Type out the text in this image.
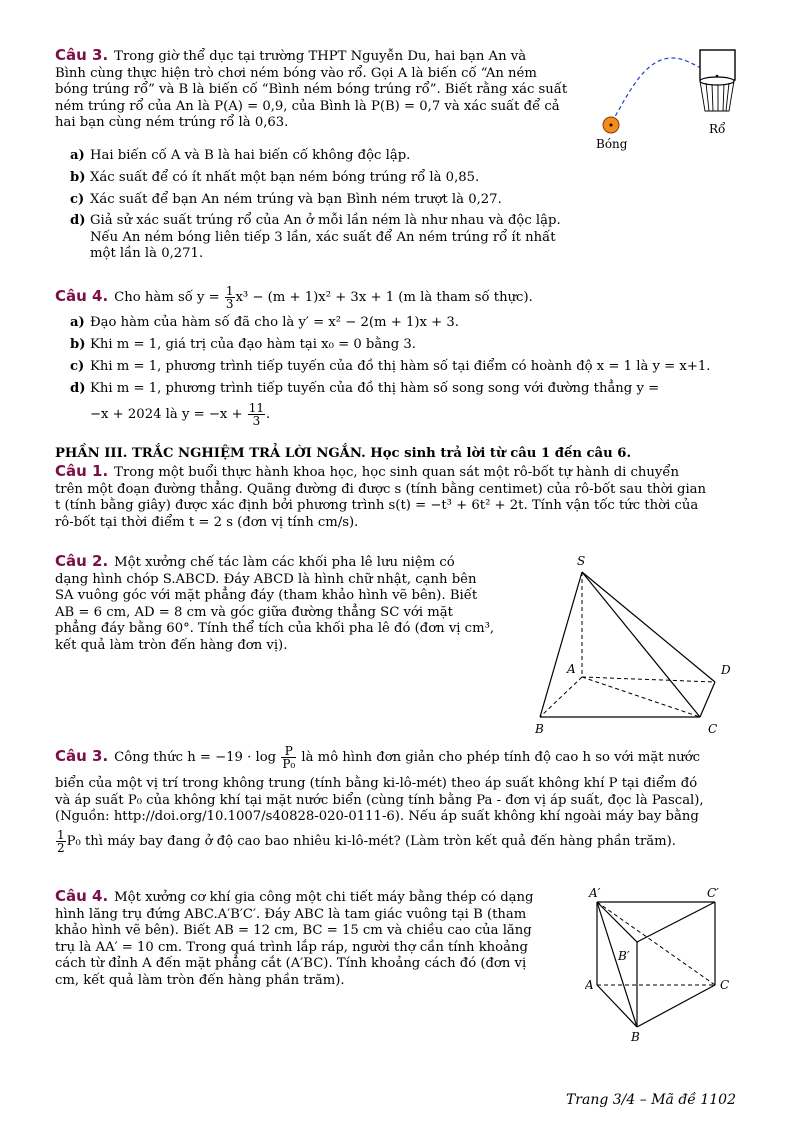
Câu 3. Trong giờ thể dục tại trường THPT Nguyễn Du, hai bạn An và
Bình cùng thực hiện trò chơi ném bóng vào rổ. Gọi A là biến cố “An ném
bóng trúng rổ” và B là biến cố “Bình ném bóng trúng rổ”. Biết rằng xác suất
ném trúng rổ của An là P(A) = 0,9, của Bình là P(B) = 0,7 và xác suất để cả
hai bạn cùng ném trúng rổ là 0,63.
a) Hai biến cố A và B là hai biến cố không độc lập.
b) Xác suất để có ít nhất một bạn ném bóng trúng rổ là 0,85.
c) Xác suất để bạn An ném trúng và bạn Bình ném trượt là 0,27.
d) Giả sử xác suất trúng rổ của An ở mỗi lần ném là như nhau và độc lập.
Nếu An ném bóng liên tiếp 3 lần, xác suất để An ném trúng rổ ít nhất
một lần là 0,271.
Bóng
Rổ
Câu 4. Cho hàm số $y = \frac{1}{3} x^3 - (m + 1)x^2 + 3x + 1$ (m là tham số thực).
a) Đạo hàm của hàm số đã cho là y′ = x² − 2(m + 1)x + 3.
b) Khi m = 1, giá trị của đạo hàm tại x₀ = 0 bằng 3.
c) Khi m = 1, phương trình tiếp tuyến của đồ thị hàm số tại điểm có hoành độ x = 1 là y = x+1.
d) Khi m = 1, phương trình tiếp tuyến của đồ thị hàm số song song với đường thẳng y =
−x + 2024 là $y = -x + \frac{11}{3}$ .
PHẦN III. TRẮC NGHIỆM TRẢ LỜI NGẮN. Học sinh trả lời từ câu 1 đến câu 6.
Câu 1. Trong một buổi thực hành khoa học, học sinh quan sát một rô-bốt tự hành di chuyển
trên một đoạn đường thẳng. Quãng đường đi được s (tính bằng centimet) của rô-bốt sau thời gian
t (tính bằng giây) được xác định bởi phương trình s(t) = −t³ + 6t² + 2t. Tính vận tốc tức thời của
rô-bốt tại thời điểm t = 2 s (đơn vị tính cm/s).
Câu 2. Một xưởng chế tác làm các khối pha lê lưu niệm có
dạng hình chóp S.ABCD. Đáy ABCD là hình chữ nhật, cạnh bên
SA vuông góc với mặt phẳng đáy (tham khảo hình vẽ bên). Biết
AB = 6 cm, AD = 8 cm và góc giữa đường thẳng SC với mặt
phẳng đáy bằng 60°. Tính thể tích của khối pha lê đó (đơn vị cm³,
kết quả làm tròn đến hàng đơn vị).
S
A
B	C
D
Câu 3. Công thức $h = -19 \cdot \log \frac{P}{\text{P₀}}$ là mô hình đơn giản cho phép tính độ cao h so với mặt nước
biển của một vị trí trong không trung (tính bằng ki-lô-mét) theo áp suất không khí P tại điểm đó
và áp suất P₀ của không khí tại mặt nước biển (cùng tính bằng Pa - đơn vị áp suất, đọc là Pascal),
(Nguồn: http://doi.org/10.1007/s40828-020-0111-6). Nếu áp suất không khí ngoài máy bay bằng
$\frac{1}{2} P_0$ thì máy bay đang ở độ cao bao nhiêu ki-lô-mét? (Làm tròn kết quả đến hàng phần trăm).
Câu 4. Một xưởng cơ khí gia công một chi tiết máy bằng thép có dạng
hình lăng trụ đứng ABC.A′B′C′. Đáy ABC là tam giác vuông tại B (tham
khảo hình vẽ bên). Biết AB = 12 cm, BC = 15 cm và chiều cao của lăng
trụ là AA′ = 10 cm. Trong quá trình lắp ráp, người thợ cần tính khoảng
cách từ đỉnh A đến mặt phẳng cắt (A′BC). Tính khoảng cách đó (đơn vị
cm, kết quả làm tròn đến hàng phần trăm).
A′	C′
B′
A	C
B
Trang 3/4 – Mã đề 1102
